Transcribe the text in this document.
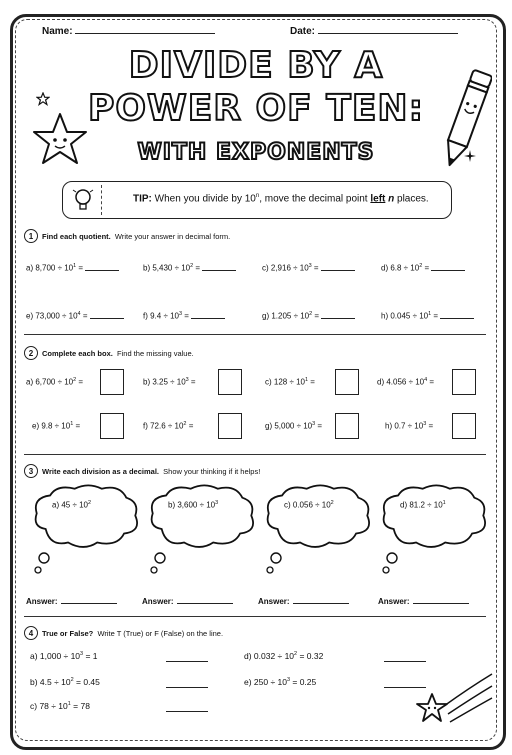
Name:	Date:
DIVIDE BY A
POWER OF TEN:
WITH EXPONENTS
TIP: When you divide by 10$^n$, move the decimal point left n places.
1	Find each quotient.
Write your answer in decimal form.
a) $8,700 \div 10^1$ =	b) $5,430 \div 10^2$ =	c) $2,916 \div 10^3$ =	d) $6.8 \div 10^2$ =
e) $73,000 \div 10^4$ =	f) $9.4 \div 10^3$ =	g) $1.205 \div 10^2$ =	h) $0.045 \div 10^1$ =
2	Complete each box.
Find the missing value.
a) $6,700 \div 10^2$ =	b) $3.25 \div 10^3$ =	c) $128 \div 10^1$ =	d) $4.056 \div 10^4$ =
e) $9.8 \div 10^1$ =	f) $72.6 \div 10^2$ =	g) $5,000 \div 10^3$ =	h) $0.7 \div 10^3$ =
3	Write each division as a decimal.
Show your thinking if it helps!
a) $45 \div 10^2$
Answer:
b) $3,600 \div 10^3$
Answer:
c) $0.056 \div 10^2$
Answer:
d) $81.2 \div 10^1$
Answer:
4	True or False?
Write T (True) or F (False) on the line.
a) $1,000 \div 10^3 = 1$
b) $4.5 \div 10^2 = 0.45$
c) $78 \div 10^1 = 78$
d) $0.032 \div 10^2 = 0.32$
e) $250 \div 10^3 = 0.25$
